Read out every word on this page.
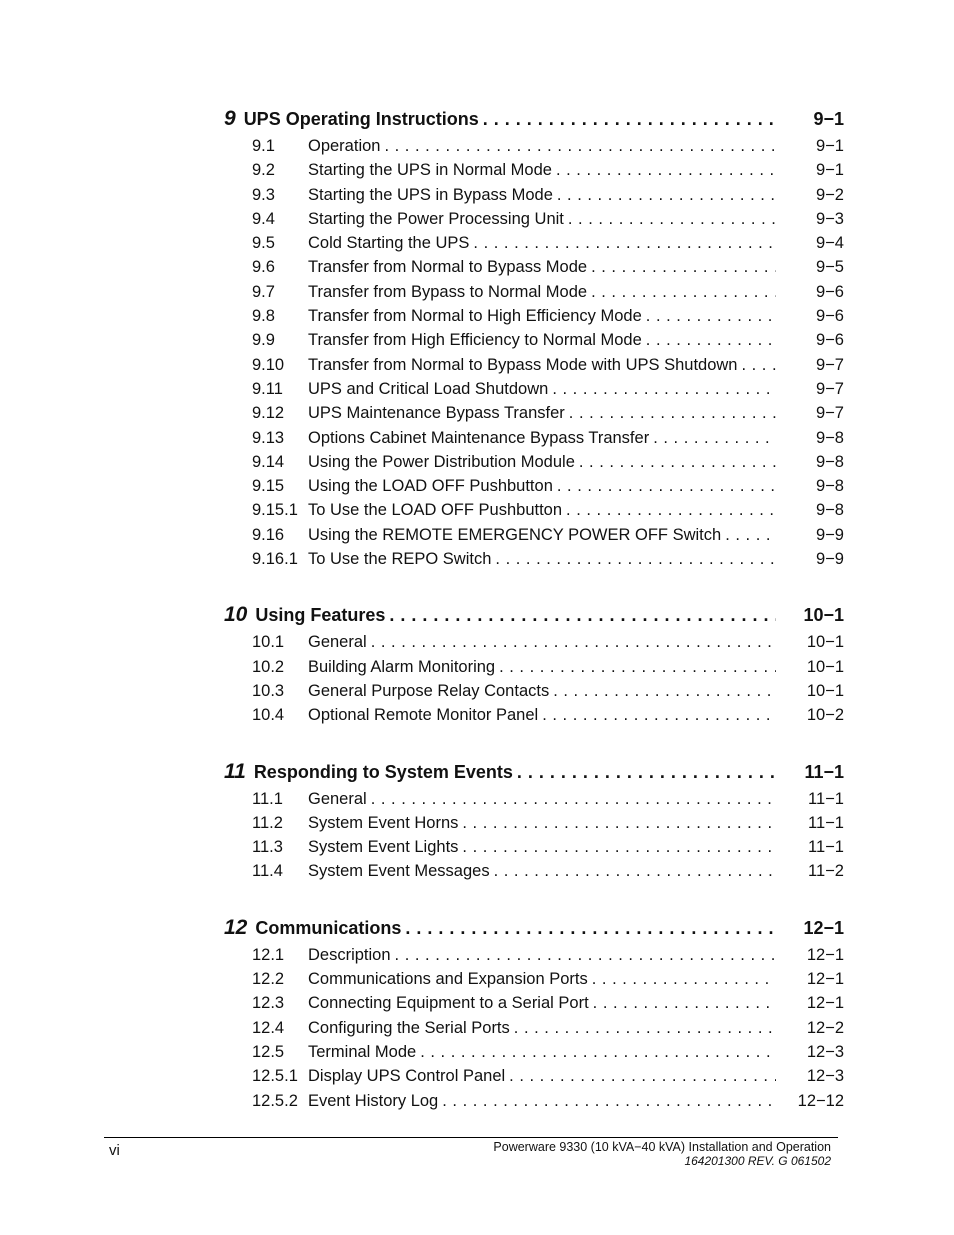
9 UPS Operating Instructions . . .	9−1
9.1	Operation . . .	9−1
9.2	Starting the UPS in Normal Mode . . .	9−1
9.3	Starting the UPS in Bypass Mode . . .	9−2
9.4	Starting the Power Processing Unit . . .	9−3
9.5	Cold Starting the UPS . . .	9−4
9.6	Transfer from Normal to Bypass Mode . . .	9−5
9.7	Transfer from Bypass to Normal Mode . . .	9−6
9.8	Transfer from Normal to High Efficiency Mode . . .	9−6
9.9	Transfer from High Efficiency to Normal Mode . . .	9−6
9.10	Transfer from Normal to Bypass Mode with UPS Shutdown . . .	9−7
9.11	UPS and Critical Load Shutdown . . .	9−7
9.12	UPS Maintenance Bypass Transfer . . .	9−7
9.13	Options Cabinet Maintenance Bypass Transfer . . .	9−8
9.14	Using the Power Distribution Module . . .	9−8
9.15	Using the LOAD OFF Pushbutton . . .	9−8
9.15.1 To Use the LOAD OFF Pushbutton . . .	9−8
9.16	Using the REMOTE EMERGENCY POWER OFF Switch . . .	9−9
9.16.1 To Use the REPO Switch . . .	9−9
10 Using Features . . .	10−1
10.1	General . . .	10−1
10.2	Building Alarm Monitoring . . .	10−1
10.3	General Purpose Relay Contacts . . .	10−1
10.4	Optional Remote Monitor Panel . . .	10−2
11 Responding to System Events . . .	11−1
11.1	General . . .	11−1
11.2	System Event Horns . . .	11−1
11.3	System Event Lights . . .	11−1
11.4	System Event Messages . . .	11−2
12 Communications . . .	12−1
12.1	Description . . .	12−1
12.2	Communications and Expansion Ports . . .	12−1
12.3	Connecting Equipment to a Serial Port . . .	12−1
12.4	Configuring the Serial Ports . . .	12−2
12.5	Terminal Mode . . .	12−3
12.5.1 Display UPS Control Panel . . .	12−3
12.5.2 Event History Log . . .	12−12
vi	Powerware 9330 (10 kVA−40 kVA) Installation and Operation
164201300 REV. G 061502
